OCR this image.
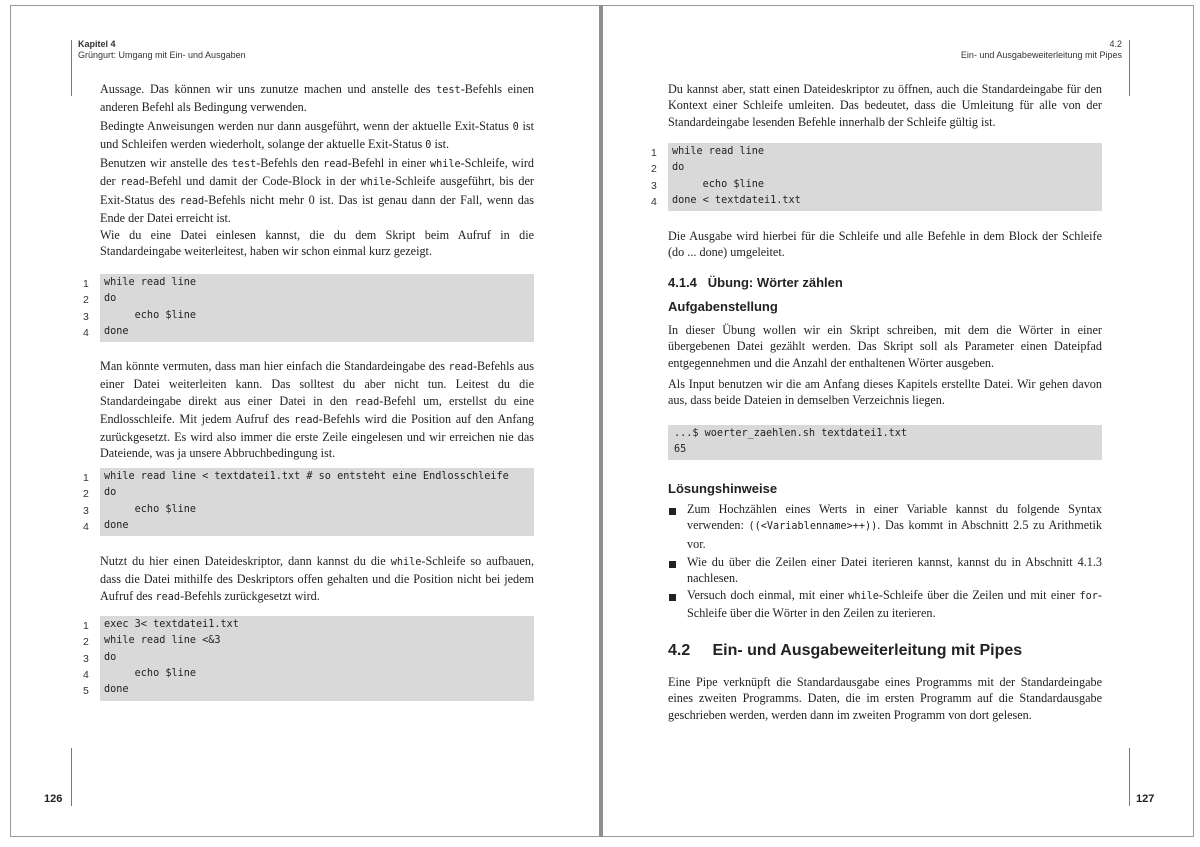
Kapitel 4
Grüngurt: Umgang mit Ein- und Ausgaben

Aussage. Das können wir uns zunutze machen und anstelle des test-Befehls einen anderen Befehl als Bedingung verwenden.

Bedingte Anweisungen werden nur dann ausgeführt, wenn der aktuelle Exit-Status 0 ist und Schleifen werden wiederholt, solange der aktuelle Exit-Status 0 ist.

Benutzen wir anstelle des test-Befehls den read-Befehl in einer while-Schleife, wird der read-Befehl und damit der Code-Block in der while-Schleife ausgeführt, bis der Exit-Status des read-Befehls nicht mehr 0 ist. Das ist genau dann der Fall, wenn das Ende der Datei erreicht ist.

Wie du eine Datei einlesen kannst, die du dem Skript beim Aufruf in die Standardeingabe weiterleitest, haben wir schon einmal kurz gezeigt.

1 while read line
2 do
3 echo $line
4 done

Man könnte vermuten, dass man hier einfach die Standardeingabe des read-Befehls aus einer Datei weiterleiten kann. Das solltest du aber nicht tun. Leitest du die Standardeingabe direkt aus einer Datei in den read-Befehl um, erstellst du eine Endlosschleife. Mit jedem Aufruf des read-Befehls wird die Position auf den Anfang zurückgesetzt. Es wird also immer die erste Zeile eingelesen und wir erreichen nie das Dateiende, was ja unsere Abbruchbedingung ist.

1 while read line < textdatei1.txt # so entsteht eine Endlosschleife
2 do
3 echo $line
4 done

Nutzt du hier einen Dateideskriptor, dann kannst du die while-Schleife so aufbauen, dass die Datei mithilfe des Deskriptors offen gehalten und die Position nicht bei jedem Aufruf des read-Befehls zurückgesetzt wird.

1 exec 3< textdatei1.txt
2 while read line <&3
3 do
4 echo $line
5 done
126
4.2
Ein- und Ausgabeweiterleitung mit Pipes

Du kannst aber, statt einen Dateideskriptor zu öffnen, auch die Standardeingabe für den Kontext einer Schleife umleiten. Das bedeutet, dass die Umleitung für alle von der Standardeingabe lesenden Befehle innerhalb der Schleife gültig ist.

1 while read line
2 do
3 echo $line
4 done < textdatei1.txt

Die Ausgabe wird hierbei für die Schleife und alle Befehle in dem Block der Schleife (do ... done) umgeleitet.

4.1.4   Übung: Wörter zählen
Aufgabenstellung

In dieser Übung wollen wir ein Skript schreiben, mit dem die Wörter in einer übergebenen Datei gezählt werden. Das Skript soll als Parameter einen Dateipfad entgegennehmen und die Anzahl der enthaltenen Wörter ausgeben.

Als Input benutzen wir die am Anfang dieses Kapitels erstellte Datei. Wir gehen davon aus, dass beide Dateien in demselben Verzeichnis liegen.

...$ woerter_zaehlen.sh textdatei1.txt
65
Lösungshinweise

Zum Hochzählen eines Werts in einer Variable kannst du folgende Syntax verwenden: ((<Variablenname>++)). Das kommt in Abschnitt 2.5 zu Arithmetik vor.

Wie du über die Zeilen einer Datei iterieren kannst, kannst du in Abschnitt 4.1.3 nachlesen.

Versuch doch einmal, mit einer while-Schleife über die Zeilen und mit einer for-Schleife über die Wörter in den Zeilen zu iterieren.

4.2     Ein- und Ausgabeweiterleitung mit Pipes

Eine Pipe verknüpft die Standardausgabe eines Programms mit der Standardeingabe eines zweiten Programms. Daten, die im ersten Programm auf die Standardausgabe geschrieben werden, werden dann im zweiten Programm von dort gelesen.

127
